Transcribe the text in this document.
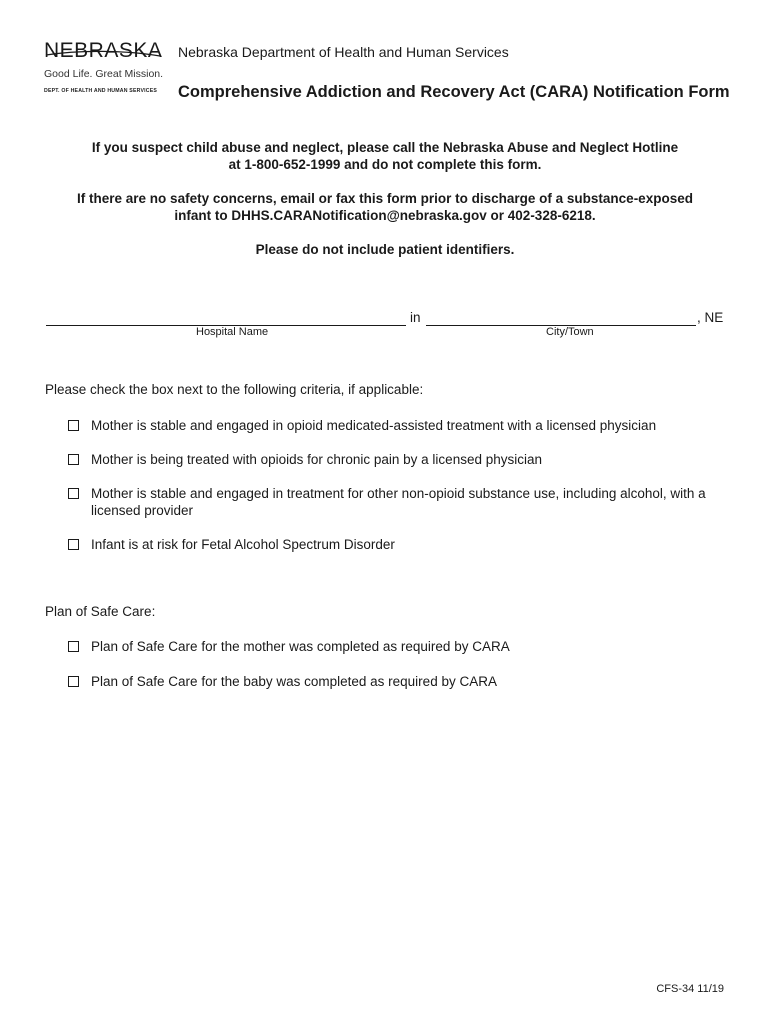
NEBRASKA
Good Life. Great Mission.
DEPT. OF HEALTH AND HUMAN SERVICES
Nebraska Department of Health and Human Services
Comprehensive Addiction and Recovery Act (CARA) Notification Form
If you suspect child abuse and neglect, please call the Nebraska Abuse and Neglect Hotline
at 1-800-652-1999 and do not complete this form.
If there are no safety concerns, email or fax this form prior to discharge of a substance-exposed
infant to DHHS.CARANotification@nebraska.gov or 402-328-6218.
Please do not include patient identifiers.
in	, NE
Hospital Name	City/Town
Please check the box next to the following criteria, if applicable:
Mother is stable and engaged in opioid medicated-assisted treatment with a licensed physician
Mother is being treated with opioids for chronic pain by a licensed physician
Mother is stable and engaged in treatment for other non-opioid substance use, including alcohol, with a licensed provider
Infant is at risk for Fetal Alcohol Spectrum Disorder
Plan of Safe Care:
Plan of Safe Care for the mother was completed as required by CARA
Plan of Safe Care for the baby was completed as required by CARA
CFS-34 11/19
